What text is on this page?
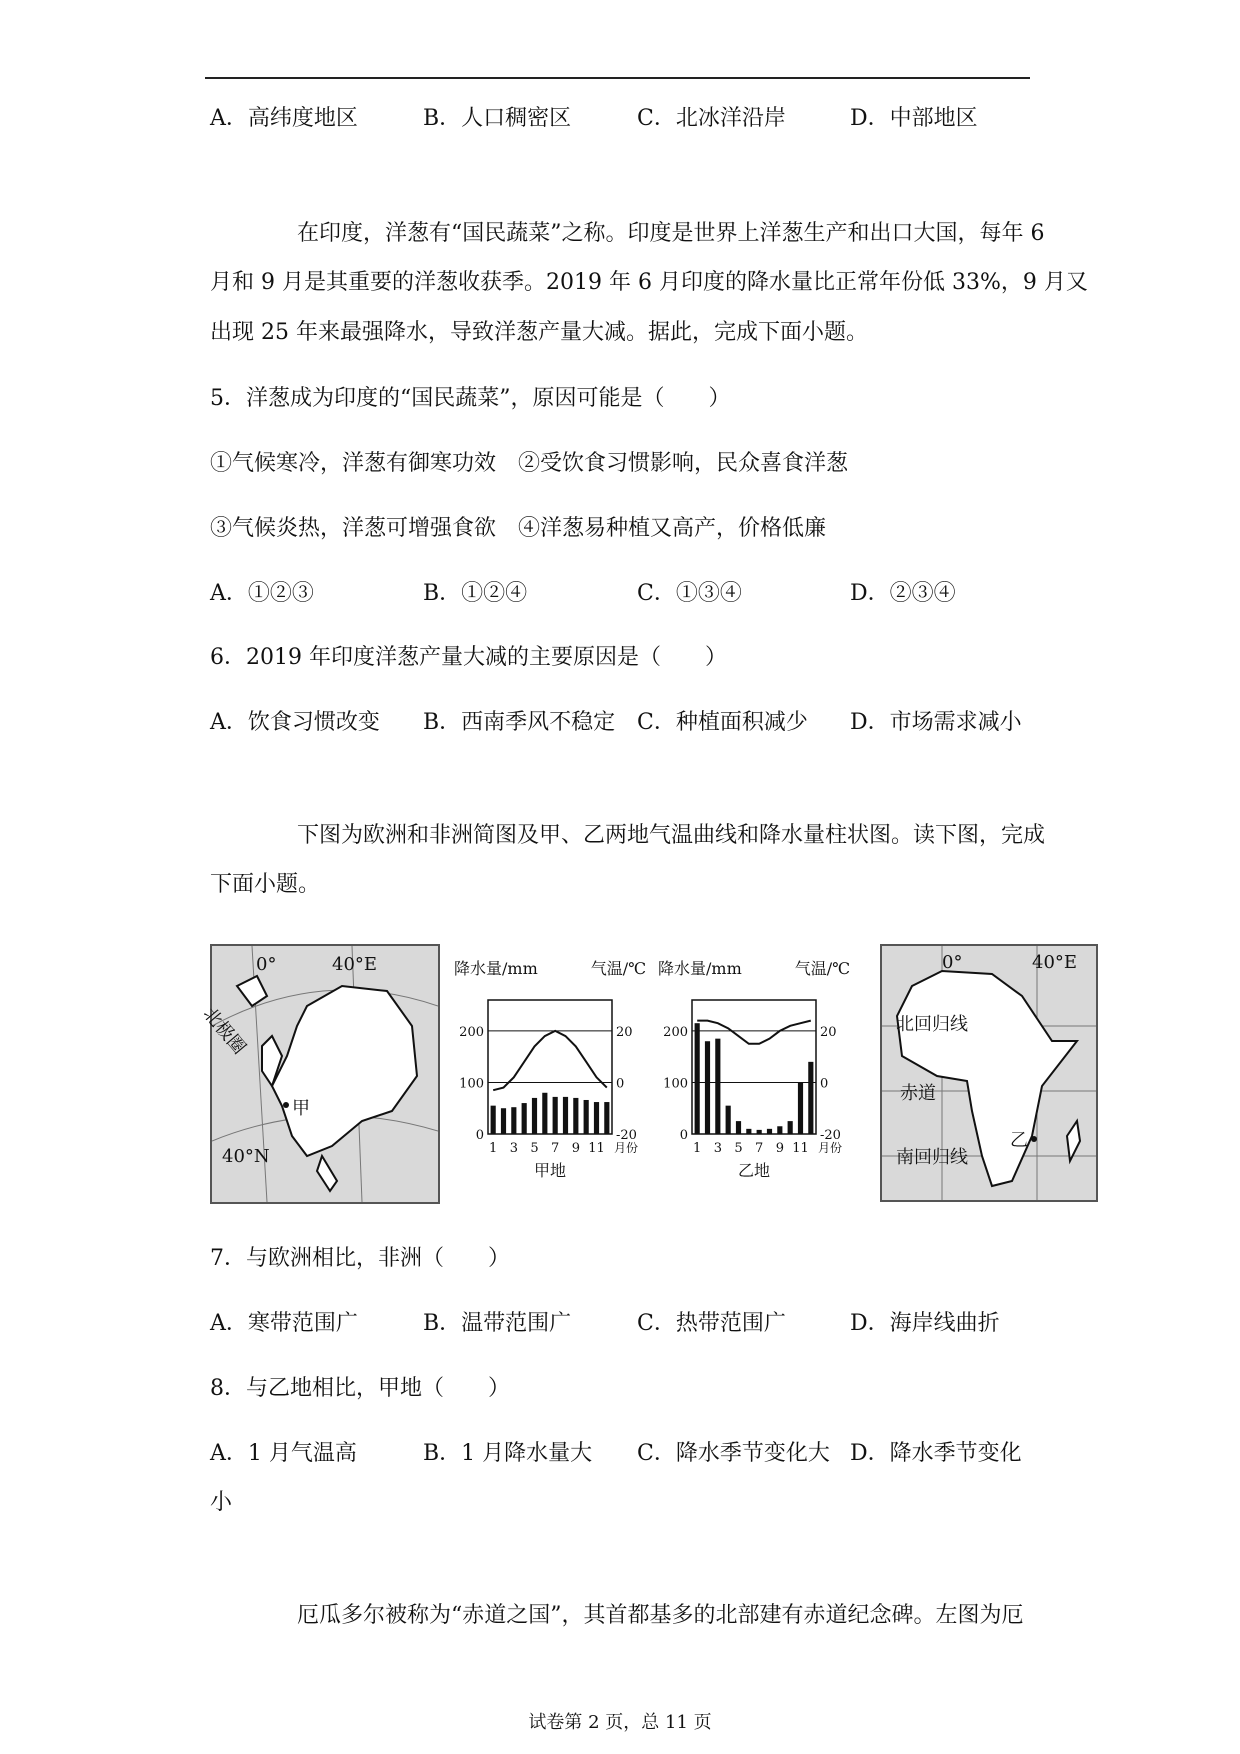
A．高纬度地区	B．人口稠密区	C．北冰洋沿岸	D．中部地区
在印度，洋葱有“国民蔬菜”之称。印度是世界上洋葱生产和出口大国，每年 6
月和 9 月是其重要的洋葱收获季。2019 年 6 月印度的降水量比正常年份低 33%，9 月又
出现 25 年来最强降水，导致洋葱产量大减。据此，完成下面小题。
5．洋葱成为印度的“国民蔬菜”，原因可能是（　　）
①气候寒冷，洋葱有御寒功效　②受饮食习惯影响，民众喜食洋葱
③气候炎热，洋葱可增强食欲　④洋葱易种植又高产，价格低廉
A．①②③	B．①②④	C．①③④	D．②③④
6．2019 年印度洋葱产量大减的主要原因是（　　）
A．饮食习惯改变 B．西南季风不稳定 C．种植面积减少 D．市场需求减小
下图为欧洲和非洲简图及甲、乙两地气温曲线和降水量柱状图。读下图，完成
下面小题。
0°	40°E
北极圈
40°N
甲
降水量/mm	气温/℃
200
100
0
20
0
-20
1 3 5 7 9 11 月份
甲地
降水量/mm	气温/℃
200
100
0
20
0
-20
1 3 5 7 9 11 月份
乙地
0°	40°E
北回归线
赤道
南回归线
乙
7．与欧洲相比，非洲（　　）
A．寒带范围广	B．温带范围广	C．热带范围广	D．海岸线曲折
8．与乙地相比，甲地（　　）
A．1 月气温高	B．1 月降水量大 C．降水季节变化大 D．降水季节变化
小
厄瓜多尔被称为“赤道之国”，其首都基多的北部建有赤道纪念碑。左图为厄
试卷第 2 页，总 11 页
